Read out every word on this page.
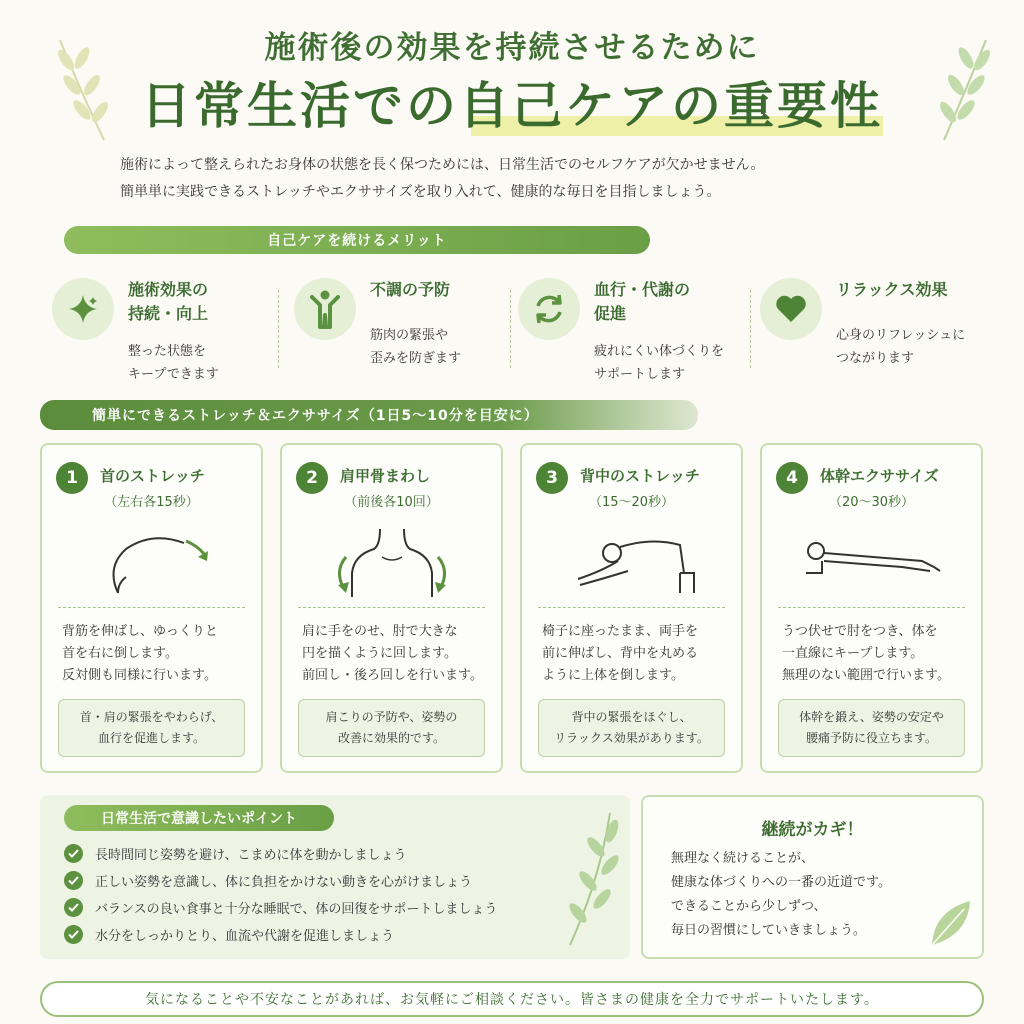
施術後の効果を持続させるために
日常生活での自己ケアの重要性
施術によって整えられたお身体の状態を長く保つためには、日常生活でのセルフケアが欠かせません。
簡単単に実践できるストレッチやエクササイズを取り入れて、健康的な毎日を目指しましょう。
自己ケアを続けるメリット
施術効果の
持続・向上
整った状態を
キープできます
不調の予防
筋肉の緊張や
歪みを防ぎます
血行・代謝の
促進
疲れにくい体づくりを
サポートします
リラックス効果
心身のリフレッシュに
つながります
簡単にできるストレッチ＆エクササイズ（1日5〜10分を目安に）
1	首のストレッチ
（左右各15秒）
背筋を伸ばし、ゆっくりと
首を右に倒します。
反対側も同様に行います。
首・肩の緊張をやわらげ、
血行を促進します。
2	肩甲骨まわし
（前後各10回）
肩に手をのせ、肘で大きな
円を描くように回します。
前回し・後ろ回しを行います。
肩こりの予防や、姿勢の
改善に効果的です。
3	背中のストレッチ
（15〜20秒）
椅子に座ったまま、両手を
前に伸ばし、背中を丸める
ように上体を倒します。
背中の緊張をほぐし、
リラックス効果があります。
4	体幹エクササイズ
（20〜30秒）
うつ伏せで肘をつき、体を
一直線にキープします。
無理のない範囲で行います。
体幹を鍛え、姿勢の安定や
腰痛予防に役立ちます。
日常生活で意識したいポイント
長時間同じ姿勢を避け、こまめに体を動かしましょう
正しい姿勢を意識し、体に負担をかけない動きを心がけましょう
バランスの良い食事と十分な睡眠で、体の回復をサポートしましょう
水分をしっかりとり、血流や代謝を促進しましょう
継続がカギ！
無理なく続けることが、
健康な体づくりへの一番の近道です。
できることから少しずつ、
毎日の習慣にしていきましょう。
気になることや不安なことがあれば、お気軽にご相談ください。皆さまの健康を全力でサポートいたします。
